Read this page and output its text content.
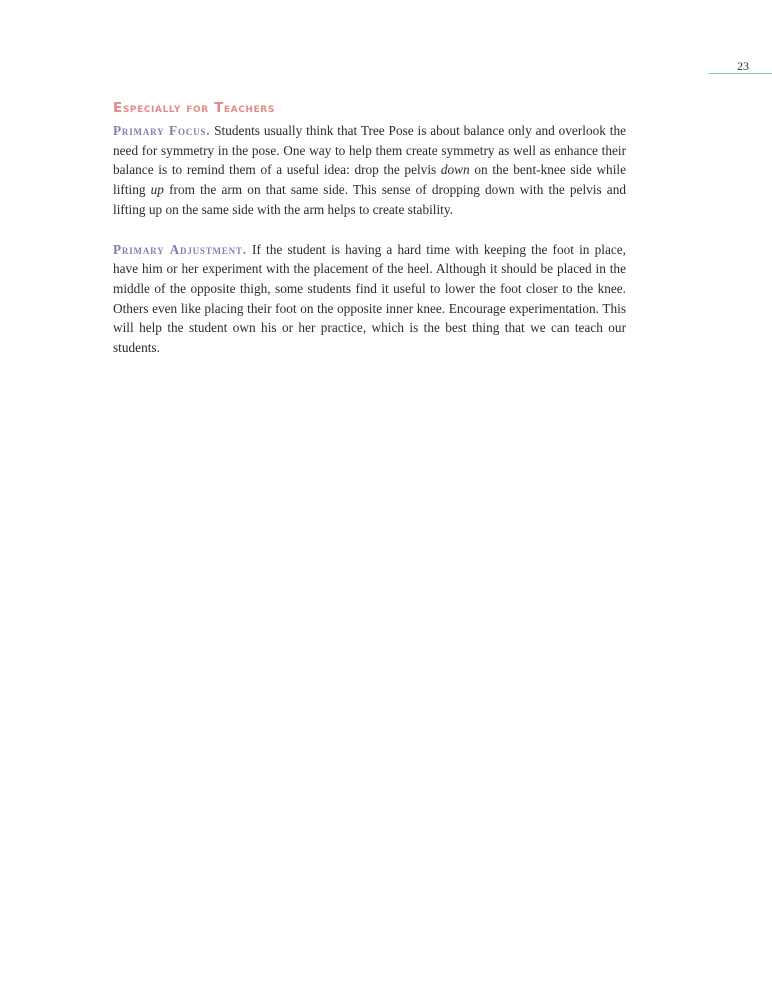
23
Especially for Teachers

Primary Focus. Students usually think that Tree Pose is about balance only and overlook the need for symmetry in the pose. One way to help them create symmetry as well as enhance their balance is to remind them of a useful idea: drop the pelvis down on the bent-knee side while lifting up from the arm on that same side. This sense of dropping down with the pelvis and lifting up on the same side with the arm helps to create stability.

Primary Adjustment. If the student is having a hard time with keeping the foot in place, have him or her experiment with the placement of the heel. Although it should be placed in the middle of the opposite thigh, some students find it useful to lower the foot closer to the knee. Others even like placing their foot on the opposite inner knee. Encourage experimentation. This will help the student own his or her practice, which is the best thing that we can teach our students.
